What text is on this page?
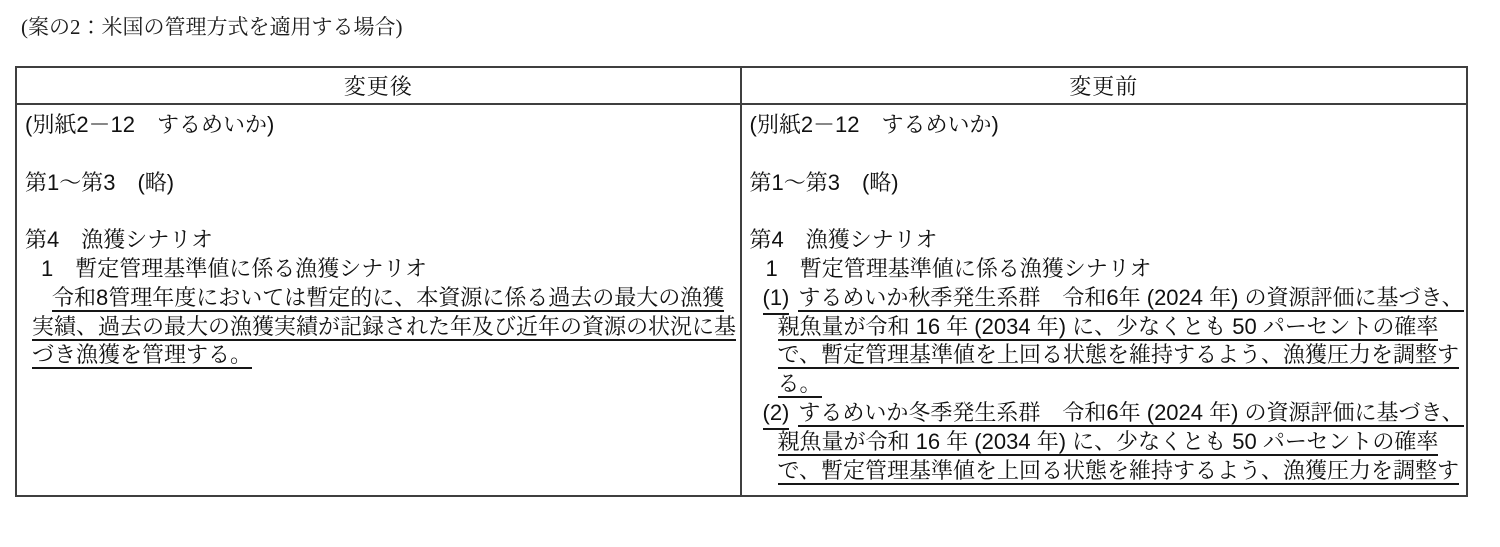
(案の2：米国の管理方式を適用する場合)
変更後	変更前
(別紙2－12　するめいか)
第1～第3　(略)
第4　漁獲シナリオ
1　暫定管理基準値に係る漁獲シナリオ
令和8管理年度においては暫定的に、本資源に係る過去の最大の漁獲
実績、過去の最大の漁獲実績が記録された年及び近年の資源の状況に基
づき漁獲を管理する。
(別紙2－12　するめいか)
第1～第3　(略)
第4　漁獲シナリオ
1　暫定管理基準値に係る漁獲シナリオ
(1) するめいか秋季発生系群　令和6年 (2024 年) の資源評価に基づき、
親魚量が令和 16 年 (2034 年) に、少なくとも 50 パーセントの確率
で、暫定管理基準値を上回る状態を維持するよう、漁獲圧力を調整す
る。
(2) するめいか冬季発生系群　令和6年 (2024 年) の資源評価に基づき、
親魚量が令和 16 年 (2034 年) に、少なくとも 50 パーセントの確率
で、暫定管理基準値を上回る状態を維持するよう、漁獲圧力を調整す
